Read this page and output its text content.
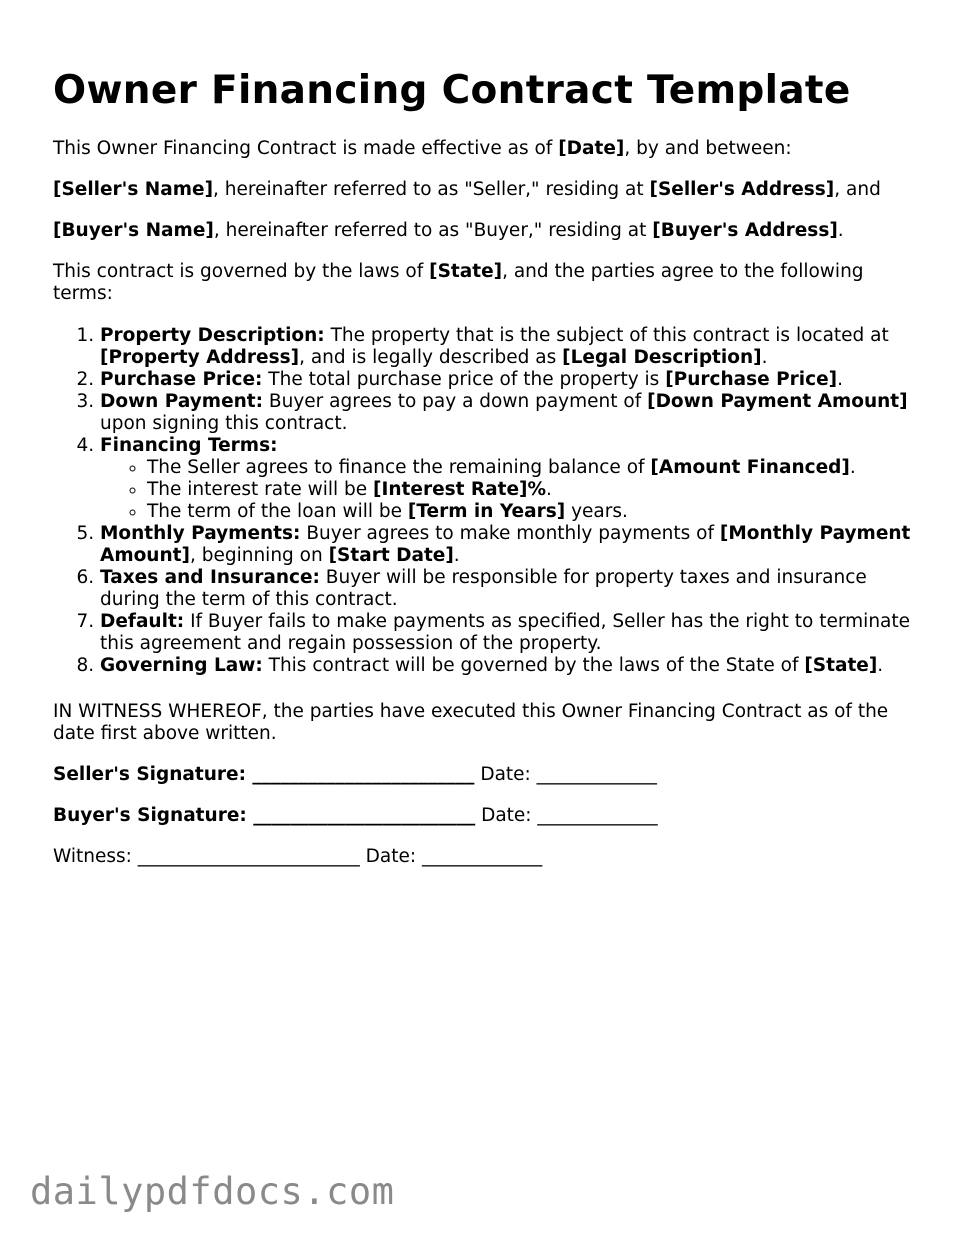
Owner Financing Contract Template

This Owner Financing Contract is made effective as of [Date], by and between:

[Seller's Name], hereinafter referred to as "Seller," residing at [Seller's Address], and

[Buyer's Name], hereinafter referred to as "Buyer," residing at [Buyer's Address].

This contract is governed by the laws of [State], and the parties agree to the following terms:

1. Property Description: The property that is the subject of this contract is located at [Property Address], and is legally described as [Legal Description].
2. Purchase Price: The total purchase price of the property is [Purchase Price].
3. Down Payment: Buyer agrees to pay a down payment of [Down Payment Amount] upon signing this contract.
4. Financing Terms:
◦ The Seller agrees to finance the remaining balance of [Amount Financed].
◦ The interest rate will be [Interest Rate]%.
◦ The term of the loan will be [Term in Years] years.
5. Monthly Payments: Buyer agrees to make monthly payments of [Monthly Payment Amount], beginning on [Start Date].
6. Taxes and Insurance: Buyer will be responsible for property taxes and insurance during the term of this contract.
7. Default: If Buyer fails to make payments as specified, Seller has the right to terminate this agreement and regain possession of the property.
8. Governing Law: This contract will be governed by the laws of the State of [State].

IN WITNESS WHEREOF, the parties have executed this Owner Financing Contract as of the date first above written.

Seller's Signature: ________________________ Date: _____________

Buyer's Signature: ________________________ Date: _____________

Witness: ________________________ Date: _____________

dailypdfdocs.com
